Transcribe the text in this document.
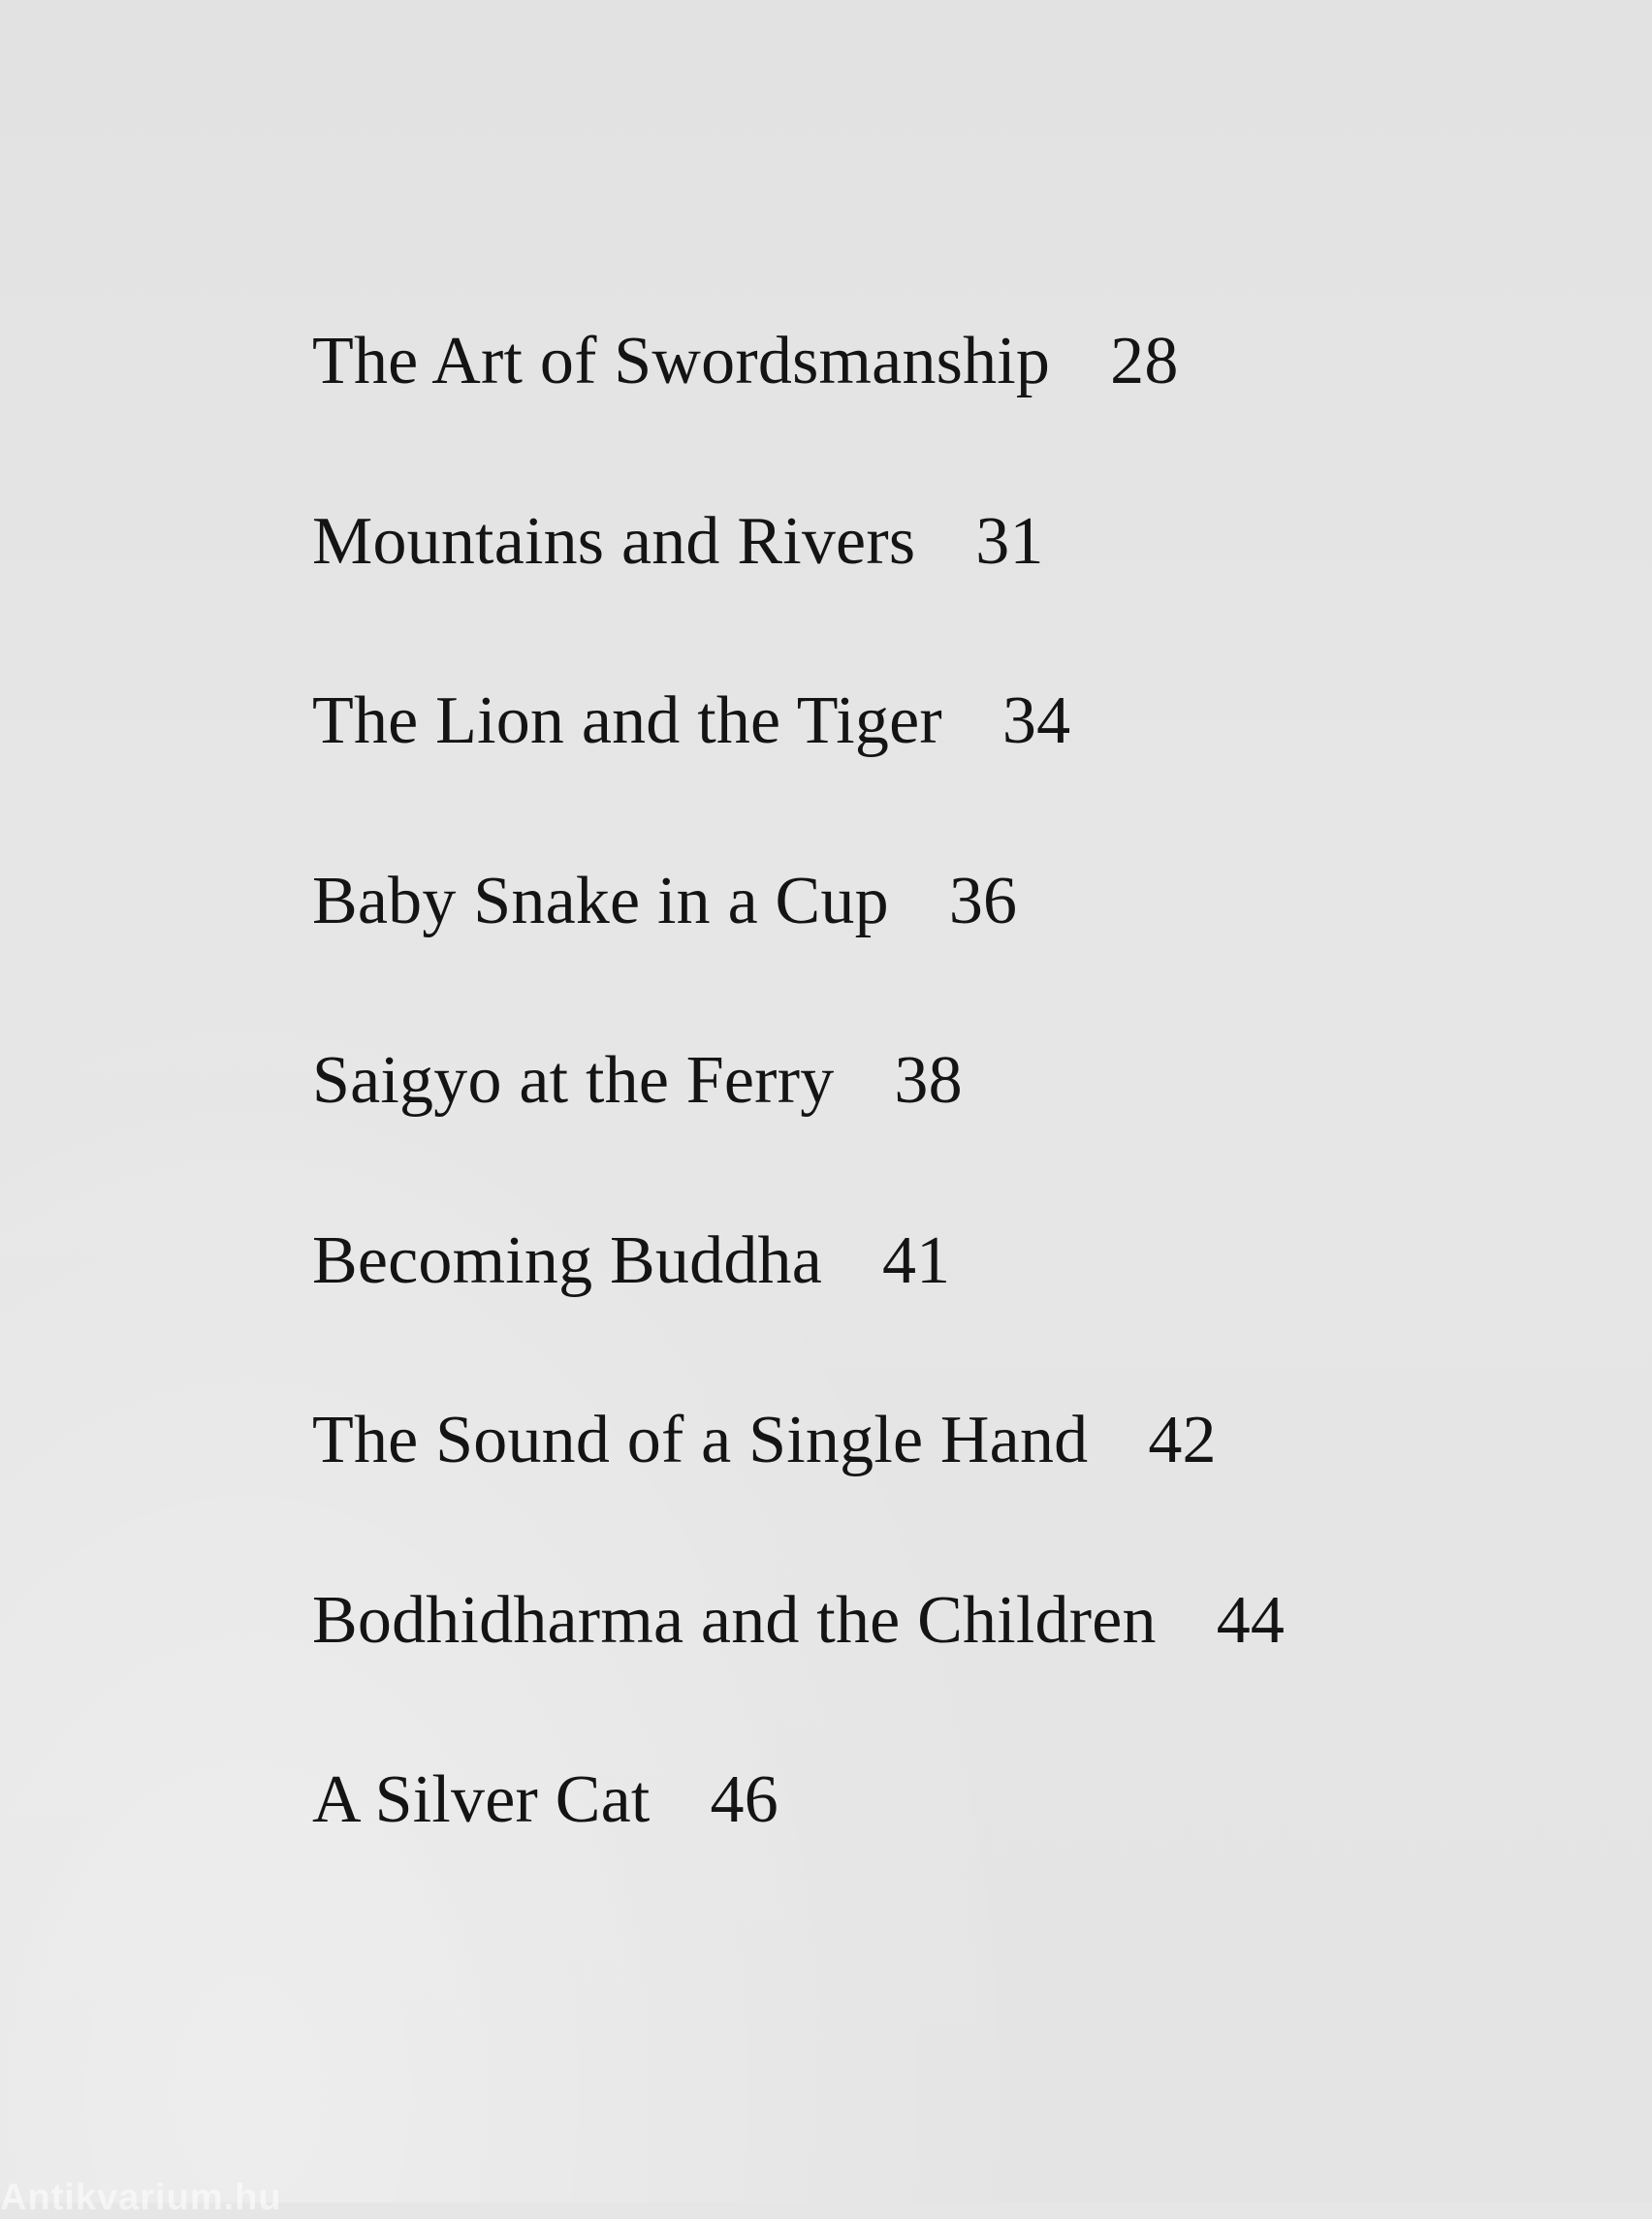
The Art of Swordsmanship 28
Mountains and Rivers 31
The Lion and the Tiger 34
Baby Snake in a Cup 36
Saigyo at the Ferry 38
Becoming Buddha 41
The Sound of a Single Hand 42
Bodhidharma and the Children 44
A Silver Cat 46
Antikvarium.hu
